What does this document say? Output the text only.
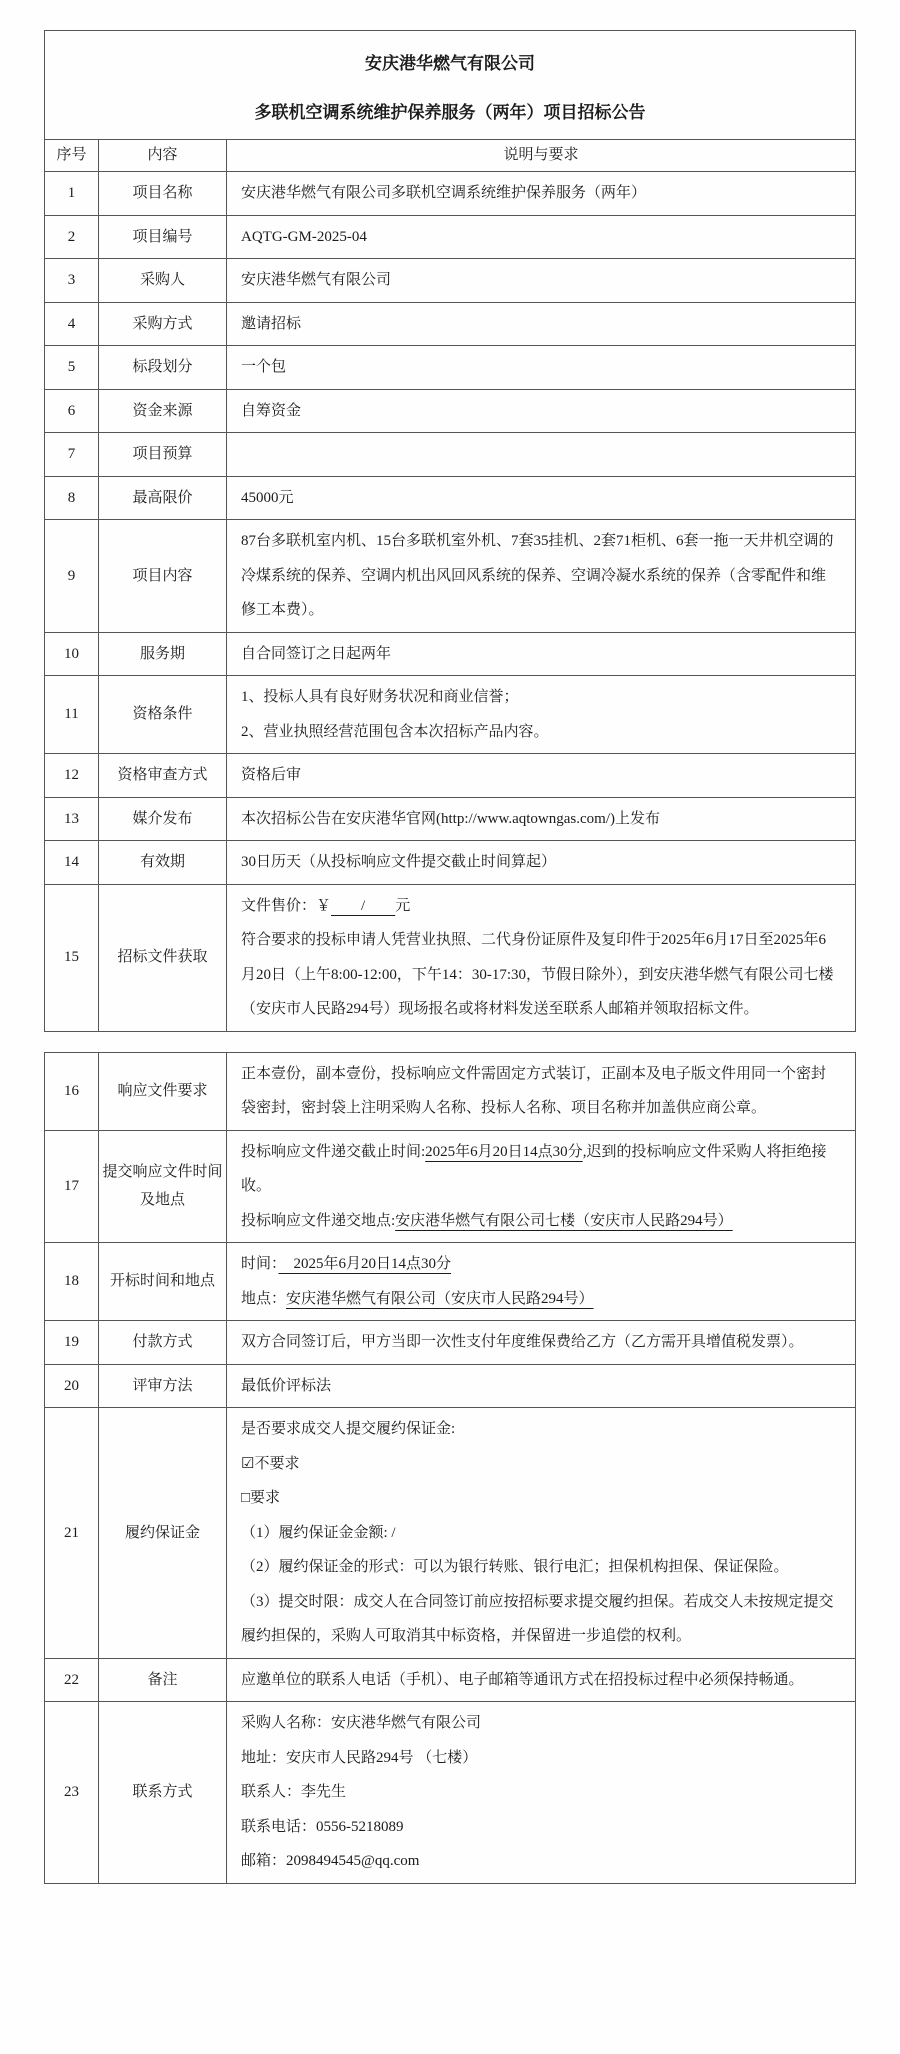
安庆港华燃气有限公司

多联机空调系统维护保养服务（两年）项目招标公告		

序号	内容	说明与要求
1	项目名称	安庆港华燃气有限公司多联机空调系统维护保养服务（两年）

2	项目编号	AQTG-GM-2025-04

3	采购人	安庆港华燃气有限公司

4	采购方式	邀请招标

5	标段划分	一个包

6	资金来源	自筹资金

7	项目预算	

8	最高限价	45000元

9	项目内容	87台多联机室内机、15台多联机室外机、7套35挂机、2套71柜机、6套一拖一天井机空调的冷煤系统的保养、空调内机出风回风系统的保养、空调冷凝水系统的保养（含零配件和维修工本费）。

10	服务期	自合同签订之日起两年

11	资格条件	1、投标人具有良好财务状况和商业信誉；

2、营业执照经营范围包含本次招标产品内容。

12	资格审查方式	资格后审

13	媒介发布	本次招标公告在安庆港华官网(http://www.aqtowngas.com/)上发布

14	有效期	30日历天（从投标响应文件提交截止时间算起）

15	招标文件获取	文件售价：￥　　/　　元

符合要求的投标申请人凭营业执照、二代身份证原件及复印件于2025年6月17日至2025年6月20日（上午8:00-12:00，下午14：30-17:30，节假日除外），到安庆港华燃气有限公司七楼（安庆市人民路294号）现场报名或将材料发送至联系人邮箱并领取招标文件。

16	响应文件要求	正本壹份，副本壹份，投标响应文件需固定方式装订，正副本及电子版文件用同一个密封袋密封，密封袋上注明采购人名称、投标人名称、项目名称并加盖供应商公章。

17	提交响应文件时间及地点	投标响应文件递交截止时间:2025年6月20日14点30分,迟到的投标响应文件采购人将拒绝接收。

投标响应文件递交地点:安庆港华燃气有限公司七楼（安庆市人民路294号）

18	开标时间和地点	时间：　2025年6月20日14点30分

地点：安庆港华燃气有限公司（安庆市人民路294号）

19	付款方式	双方合同签订后，甲方当即一次性支付年度维保费给乙方（乙方需开具增值税发票）。

20	评审方法	最低价评标法

21	履约保证金	

是否要求成交人提交履约保证金:

☑不要求

□要求

（1）履约保证金金额: /

（2）履约保证金的形式：可以为银行转账、银行电汇；担保机构担保、保证保险。

（3）提交时限：成交人在合同签订前应按招标要求提交履约担保。若成交人未按规定提交履约担保的，采购人可取消其中标资格，并保留进一步追偿的权利。

22	备注	应邀单位的联系人电话（手机）、电子邮箱等通讯方式在招投标过程中必须保持畅通。

23	联系方式	采购人名称：安庆港华燃气有限公司

地址：安庆市人民路294号 （七楼）

联系人：李先生

联系电话：0556-5218089

邮箱：2098494545@qq.com
